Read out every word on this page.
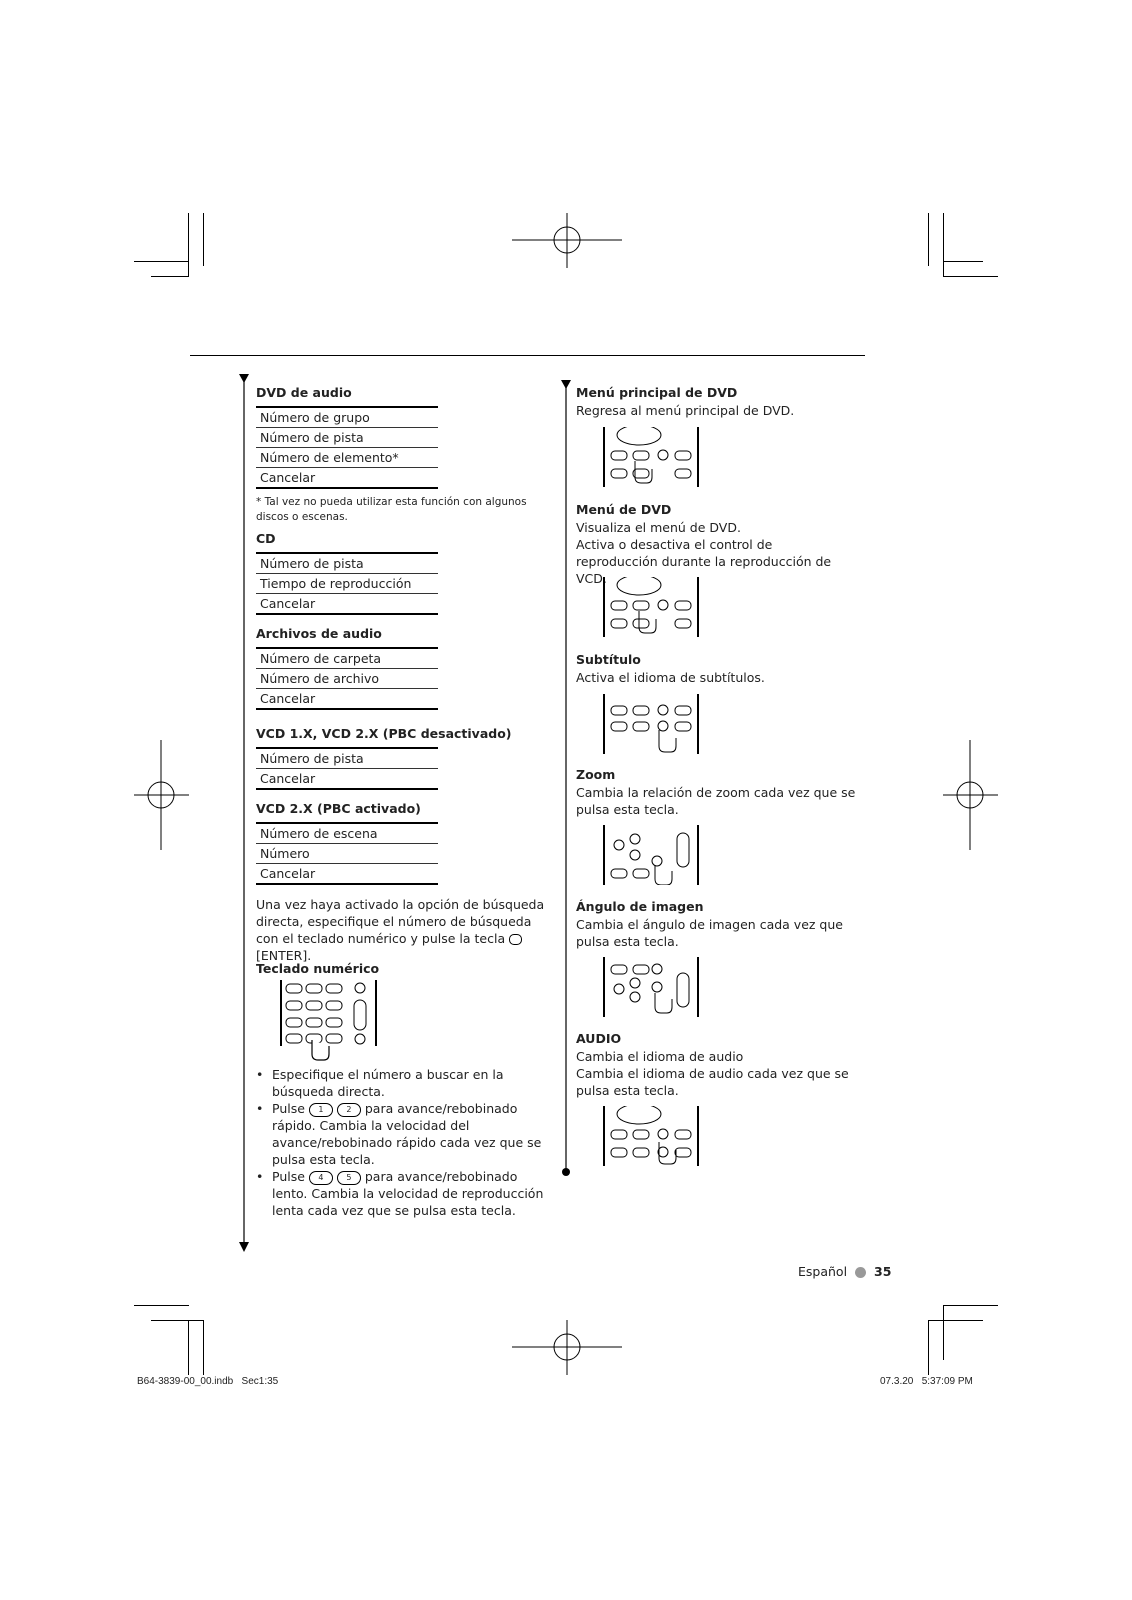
DVD de audio
Número de grupo
Número de pista
Número de elemento*
Cancelar
* Tal vez no pueda utilizar esta función con algunos discos o escenas.
CD
Número de pista
Tiempo de reproducción
Cancelar
Archivos de audio
Número de carpeta
Número de archivo
Cancelar
VCD 1.X, VCD 2.X (PBC desactivado)
Número de pista
Cancelar
VCD 2.X (PBC activado)
Número de escena
Número
Cancelar
Una vez haya activado la opción de búsqueda directa, especifique el número de búsqueda con el teclado numérico y pulse la tecla  [ENTER].
Teclado numérico
• Especifique el número a buscar en la búsqueda directa.
• Pulse 1	2 para avance/rebobinado rápido. Cambia la velocidad del avance/rebobinado rápido cada vez que se pulsa esta tecla.
• Pulse 4	5 para avance/rebobinado lento. Cambia la velocidad de reproducción lenta cada vez que se pulsa esta tecla.
Menú principal de DVD
Regresa al menú principal de DVD.
Menú de DVD
Visualiza el menú de DVD.
Activa o desactiva el control de reproducción durante la reproducción de VCD.
Subtítulo
Activa el idioma de subtítulos.
Zoom
Cambia la relación de zoom cada vez que se pulsa esta tecla.
Ángulo de imagen
Cambia el ángulo de imagen cada vez que pulsa esta tecla.
AUDIO
Cambia el idioma de audio
Cambia el idioma de audio cada vez que se pulsa esta tecla.
Español 35
B64-3839-00_00.indb   Sec1:35	07.3.20   5:37:09 PM
